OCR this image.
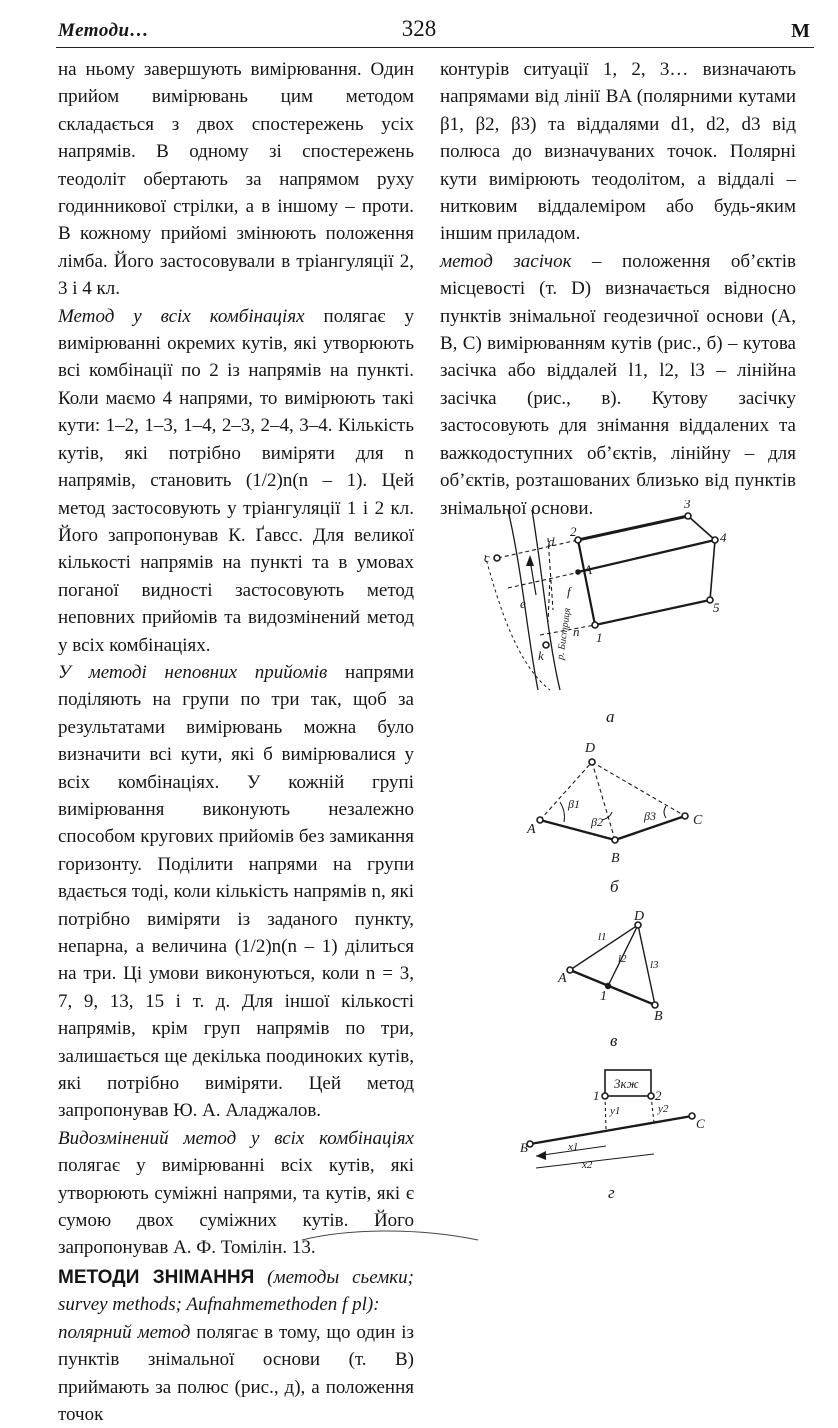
Методи…	328	М

на ньому завершують вимірювання. Один прийом вимірювань цим методом складається з двох спостережень усіх напрямів. В одному зі спостережень теодоліт обертають за напрямом руху годинникової стрілки, а в іншому – проти. В кожному прийомі змінюють положення лімба. Його застосовували в тріангуляції 2, 3 і 4 кл.

Метод у всіх комбінаціях полягає у вимірюванні окремих кутів, які утворюють всі комбінації по 2 із напрямів на пункті. Коли маємо 4 напрями, то вимірюють такі кути: 1–2, 1–3, 1–4, 2–3, 2–4, 3–4. Кількість кутів, які потрібно виміряти для n напрямів, становить (1/2)n(n – 1). Цей метод застосовують у тріангуляції 1 і 2 кл. Його запропонував К. Ґавсс. Для великої кількості напрямів на пункті та в умовах поганої видності застосовують метод неповних прийомів та видозмінений метод у всіх комбінаціях.

У методі неповних прийомів напрями поділяють на групи по три так, щоб за результатами вимірювань можна було визначити всі кути, які б вимірювалися у всіх комбінаціях. У кожній групі вимірювання виконують незалежно способом кругових прийомів без замикання горизонту. Поділити напрями на групи вдається тоді, коли кількість напрямів n, які потрібно виміряти із заданого пункту, непарна, а величина (1/2)n(n – 1) ділиться на три. Ці умови виконуються, коли n = 3, 7, 9, 13, 15 і т. д. Для іншої кількості напрямів, крім груп напрямів по три, залишається ще декілька поодиноких кутів, які потрібно виміряти. Цей метод запропонував Ю. А. Аладжалов.

Видозмінений метод у всіх комбінаціях полягає у вимірюванні всіх кутів, які утворюють суміжні напрями, та кутів, які є сумою двох суміжних кутів. Його запропонував А. Ф. Томілін. 13.

МЕТОДИ ЗНІМАННЯ (методы сьемки; survey methods; Aufnahmemethoden f pl):

полярний метод полягає в тому, що один із пунктів знімальної основи (т. B) приймають за полюс (рис., д), а положення точок

контурів ситуації 1, 2, 3… визначають напрямами від лінії BA (полярними кутами β1, β2, β3) та віддалями d1, d2, d3 від полюса до визначуваних точок. Полярні кути вимірюють теодолітом, а віддалі – нитковим віддалеміром або будь-яким іншим приладом.

метод засічок – положення об’єктів місцевості (т. D) визначається відносно пунктів знімальної геодезичної основи (A, B, C) вимірюванням кутів (рис., б) – кутова засічка або віддалей l1, l2, l3 – лінійна засічка (рис., в). Кутову засічку застосовують для знімання віддалених та важкодоступних об’єктів, лінійну – для об’єктів, розташованих близько від пунктів знімальної основи.

c
d
2
3
4
5
A
e
f
k
n 1
р. Бистриця
а
D
A
B
C
β1
β2	β3
б
D
A
B
1
l1
l2 l3
в
3кж
1	2
B
C
y1	y2
x1
x2
г
